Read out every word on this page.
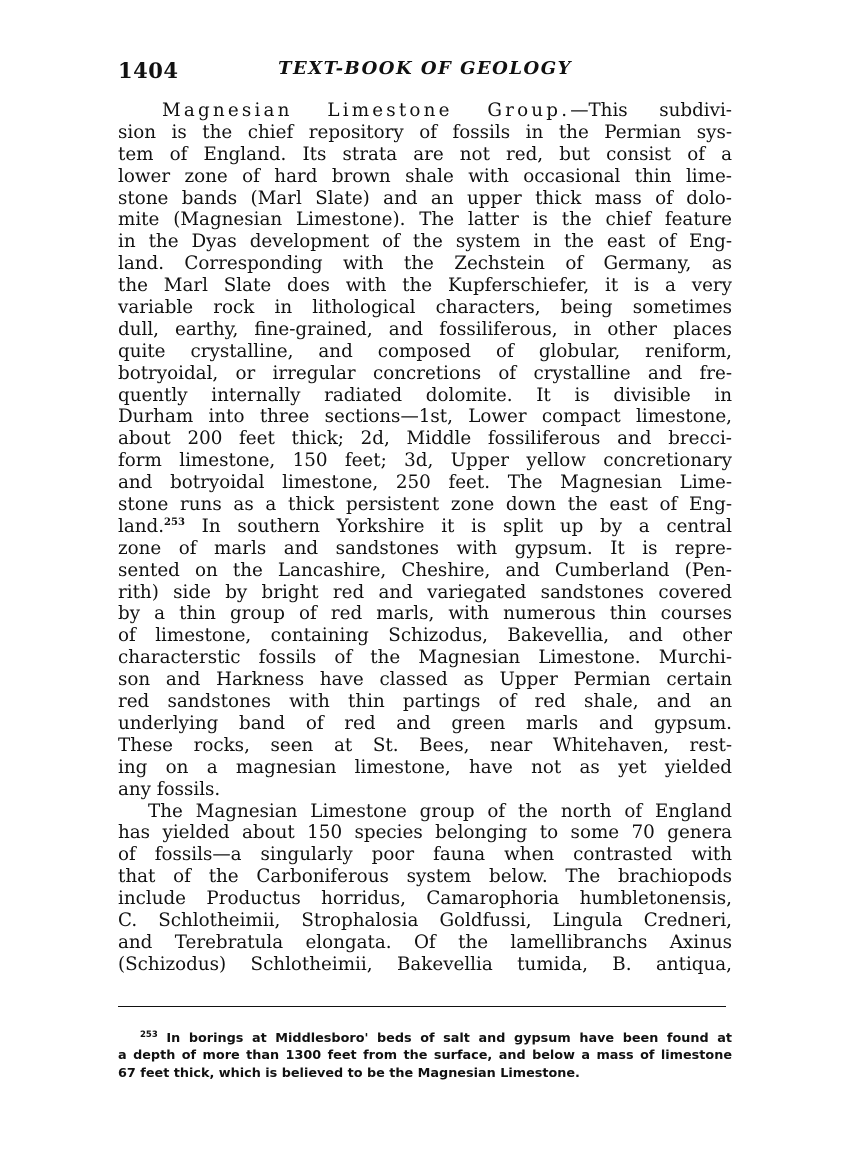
1404	TEXT-BOOK OF GEOLOGY
Magnesian Limestone Group.—This subdivi-
sion is the chief repository of fossils in the Permian sys-
tem of England. Its strata are not red, but consist of a
lower zone of hard brown shale with occasional thin lime-
stone bands (Marl Slate) and an upper thick mass of dolo-
mite (Magnesian Limestone). The latter is the chief feature
in the Dyas development of the system in the east of Eng-
land. Corresponding with the Zechstein of Germany, as
the Marl Slate does with the Kupferschiefer, it is a very
variable rock in lithological characters, being sometimes
dull, earthy, fine-grained, and fossiliferous, in other places
quite crystalline, and composed of globular, reniform,
botryoidal, or irregular concretions of crystalline and fre-
quently internally radiated dolomite. It is divisible in
Durham into three sections—1st, Lower compact limestone,
about 200 feet thick; 2d, Middle fossiliferous and brecci-
form limestone, 150 feet; 3d, Upper yellow concretionary
and botryoidal limestone, 250 feet. The Magnesian Lime-
stone runs as a thick persistent zone down the east of Eng-
land.$^{253}$ In southern Yorkshire it is split up by a central
zone of marls and sandstones with gypsum. It is repre-
sented on the Lancashire, Cheshire, and Cumberland (Pen-
rith) side by bright red and variegated sandstones covered
by a thin group of red marls, with numerous thin courses
of limestone, containing Schizodus, Bakevellia, and other
characterstic fossils of the Magnesian Limestone. Murchi-
son and Harkness have classed as Upper Permian certain
red sandstones with thin partings of red shale, and an
underlying band of red and green marls and gypsum.
These rocks, seen at St. Bees, near Whitehaven, rest-
ing on a magnesian limestone, have not as yet yielded
any fossils.
The Magnesian Limestone group of the north of England
has yielded about 150 species belonging to some 70 genera
of fossils—a singularly poor fauna when contrasted with
that of the Carboniferous system below. The brachiopods
include Productus horridus, Camarophoria humbletonensis,
C. Schlotheimii, Strophalosia Goldfussi, Lingula Credneri,
and Terebratula elongata. Of the lamellibranchs Axinus
(Schizodus) Schlotheimii, Bakevellia tumida, B. antiqua,
$^{253}$ In borings at Middlesboro' beds of salt and gypsum have been found at
a depth of more than 1300 feet from the surface, and below a mass of limestone
67 feet thick, which is believed to be the Magnesian Limestone.
